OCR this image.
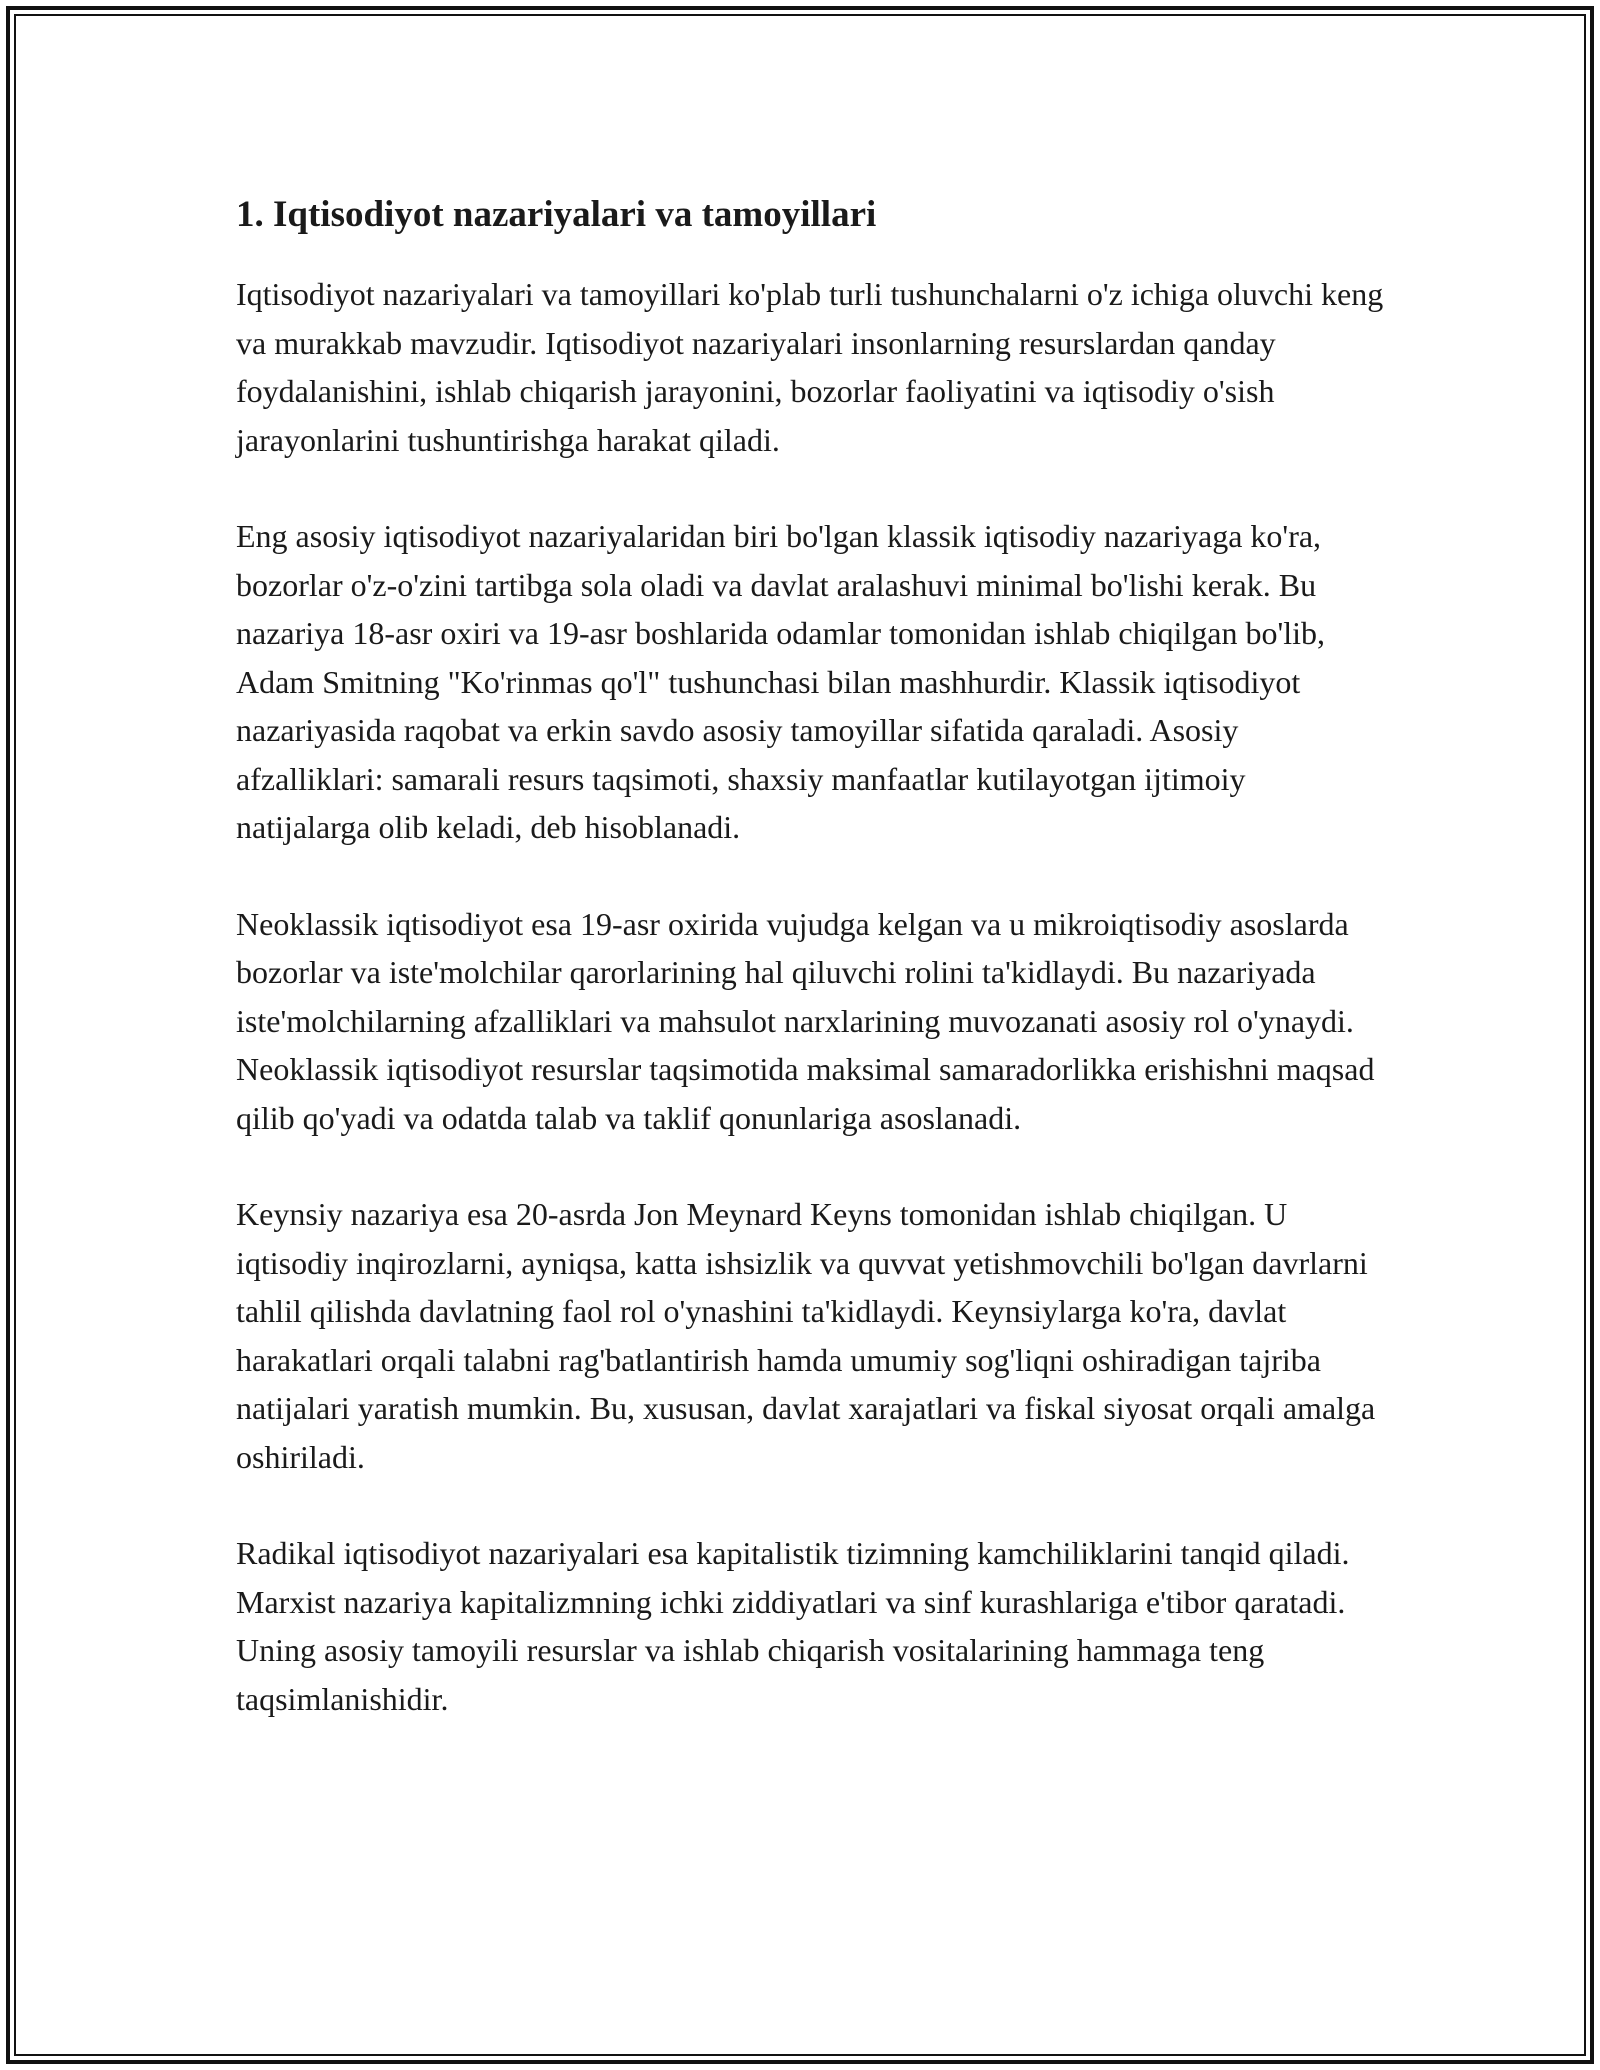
1. Iqtisodiyot nazariyalari va tamoyillari

Iqtisodiyot nazariyalari va tamoyillari ko'plab turli tushunchalarni o'z ichiga oluvchi keng va murakkab mavzudir. Iqtisodiyot nazariyalari insonlarning resurslardan qanday foydalanishini, ishlab chiqarish jarayonini, bozorlar faoliyatini va iqtisodiy o'sish jarayonlarini tushuntirishga harakat qiladi.

Eng asosiy iqtisodiyot nazariyalaridan biri bo'lgan klassik iqtisodiy nazariyaga ko'ra, bozorlar o'z-o'zini tartibga sola oladi va davlat aralashuvi minimal bo'lishi kerak. Bu nazariya 18-asr oxiri va 19-asr boshlarida odamlar tomonidan ishlab chiqilgan bo'lib, Adam Smitning "Ko'rinmas qo'l" tushunchasi bilan mashhurdir. Klassik iqtisodiyot nazariyasida raqobat va erkin savdo asosiy tamoyillar sifatida qaraladi. Asosiy afzalliklari: samarali resurs taqsimoti, shaxsiy manfaatlar kutilayotgan ijtimoiy natijalarga olib keladi, deb hisoblanadi.

Neoklassik iqtisodiyot esa 19-asr oxirida vujudga kelgan va u mikroiqtisodiy asoslarda bozorlar va iste'molchilar qarorlarining hal qiluvchi rolini ta'kidlaydi. Bu nazariyada iste'molchilarning afzalliklari va mahsulot narxlarining muvozanati asosiy rol o'ynaydi. Neoklassik iqtisodiyot resurslar taqsimotida maksimal samaradorlikka erishishni maqsad qilib qo'yadi va odatda talab va taklif qonunlariga asoslanadi.

Keynsiy nazariya esa 20-asrda Jon Meynard Keyns tomonidan ishlab chiqilgan. U iqtisodiy inqirozlarni, ayniqsa, katta ishsizlik va quvvat yetishmovchili bo'lgan davrlarni tahlil qilishda davlatning faol rol o'ynashini ta'kidlaydi. Keynsiylarga ko'ra, davlat harakatlari orqali talabni rag'batlantirish hamda umumiy sog'liqni oshiradigan tajriba natijalari yaratish mumkin. Bu, xususan, davlat xarajatlari va fiskal siyosat orqali amalga oshiriladi.

Radikal iqtisodiyot nazariyalari esa kapitalistik tizimning kamchiliklarini tanqid qiladi. Marxist nazariya kapitalizmning ichki ziddiyatlari va sinf kurashlariga e'tibor qaratadi. Uning asosiy tamoyili resurslar va ishlab chiqarish vositalarining hammaga teng taqsimlanishidir.
